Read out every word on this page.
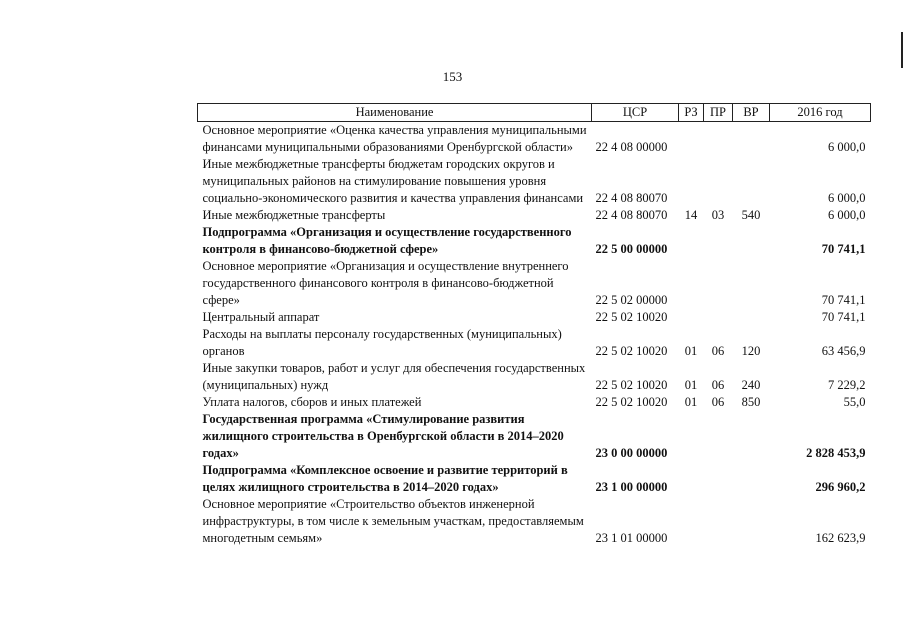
153
Наименование	ЦСР	РЗ	ПР	ВР	2016 год
Основное мероприятие «Оценка качества управления муниципальными финансами муниципальными образованиями Оренбургской области»	22 4 08 00000				6 000,0
Иные межбюджетные трансферты бюджетам городских округов и муниципальных районов на стимулирование повышения уровня социально-экономического развития и качества управления финансами	22 4 08 80070				6 000,0
Иные межбюджетные трансферты	22 4 08 80070	14	03	540	6 000,0
Подпрограмма «Организация и осуществление государственного контроля в финансово-бюджетной сфере»	22 5 00 00000				70 741,1
Основное мероприятие «Организация и осуществление внутреннего государственного финансового контроля в финансово-бюджетной сфере»	22 5 02 00000				70 741,1
Центральный аппарат	22 5 02 10020				70 741,1
Расходы на выплаты персоналу государственных (муниципальных) органов	22 5 02 10020	01	06	120	63 456,9
Иные закупки товаров, работ и услуг для обеспечения государственных (муниципальных) нужд	22 5 02 10020	01	06	240	7 229,2
Уплата налогов, сборов и иных платежей	22 5 02 10020	01	06	850	55,0
Государственная программа «Стимулирование развития жилищного строительства в Оренбургской области в 2014–2020 годах»	23 0 00 00000				2 828 453,9
Подпрограмма «Комплексное освоение и развитие территорий в целях жилищного строительства в 2014–2020 годах»	23 1 00 00000				296 960,2
Основное мероприятие «Строительство объектов инженерной инфраструктуры, в том числе к земельным участкам, предоставляемым многодетным семьям»	23 1 01 00000				162 623,9
